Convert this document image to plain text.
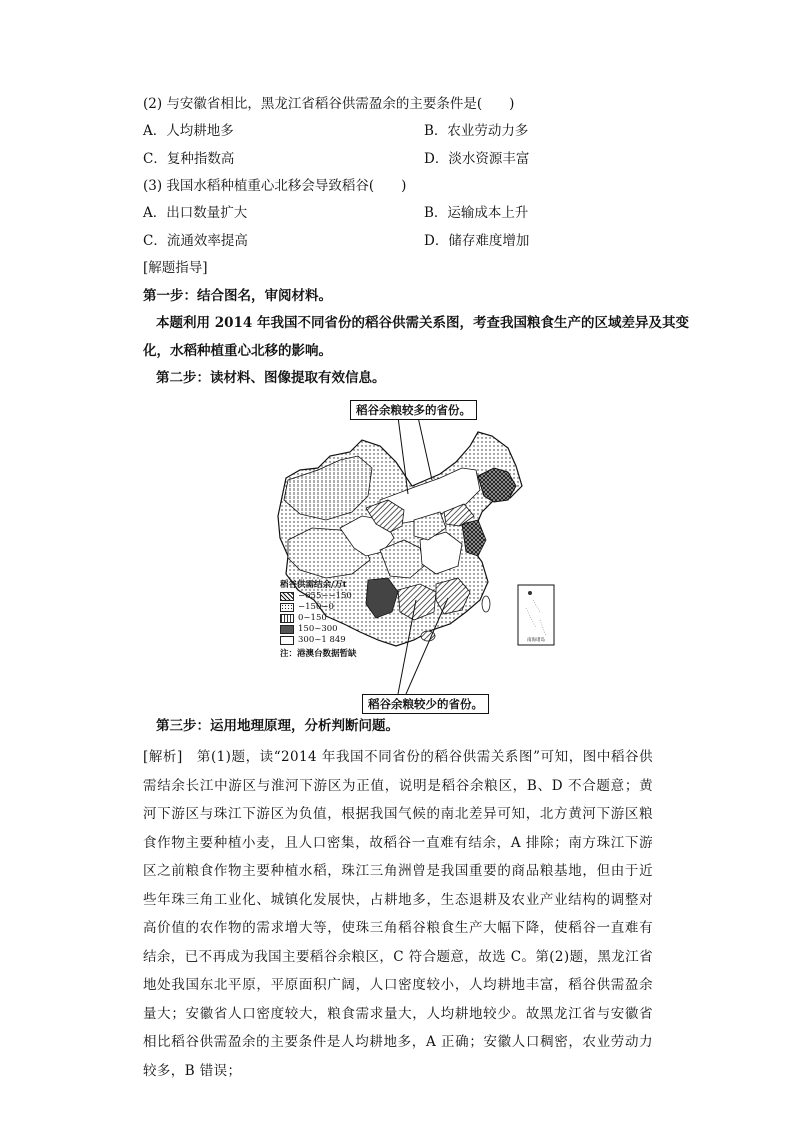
(2) 与安徽省相比，黑龙江省稻谷供需盈余的主要条件是(　　)
A．人均耕地多	B．农业劳动力多
C．复种指数高	D．淡水资源丰富
(3) 我国水稻种植重心北移会导致稻谷(　　)
A．出口数量扩大	B．运输成本上升
C．流通效率提高	D．储存难度增加
[解题指导]
第一步：结合图名，审阅材料。
本题利用 2014 年我国不同省份的稻谷供需关系图，考查我国粮食生产的区域差异及其变
化，水稻种植重心北移的影响。
第二步：读材料、图像提取有效信息。
南海诸岛
稻谷余粮较多的省份。
稻谷余粮较少的省份。
稻谷供需结余/万t
−655~−150
−150~0
0~150
150~300
300~1 849
注：港澳台数据暂缺
第三步：运用地理原理，分析判断问题。
[解析]　第(1)题，读“2014 年我国不同省份的稻谷供需关系图”可知，图中稻谷供需结余长江中游区与淮河下游区为正值，说明是稻谷余粮区，B、D 不合题意；黄河下游区与珠江下游区为负值，根据我国气候的南北差异可知，北方黄河下游区粮食作物主要种植小麦，且人口密集，故稻谷一直难有结余，A 排除；南方珠江下游区之前粮食作物主要种植水稻，珠江三角洲曾是我国重要的商品粮基地，但由于近些年珠三角工业化、城镇化发展快，占耕地多，生态退耕及农业产业结构的调整对高价值的农作物的需求增大等，使珠三角稻谷粮食生产大幅下降，使稻谷一直难有结余，已不再成为我国主要稻谷余粮区，C 符合题意，故选 C。第(2)题，黑龙江省地处我国东北平原，平原面积广阔，人口密度较小，人均耕地丰富，稻谷供需盈余量大；安徽省人口密度较大，粮食需求量大，人均耕地较少。故黑龙江省与安徽省相比稻谷供需盈余的主要条件是人均耕地多，A 正确；安徽人口稠密，农业劳动力较多，B 错误；
